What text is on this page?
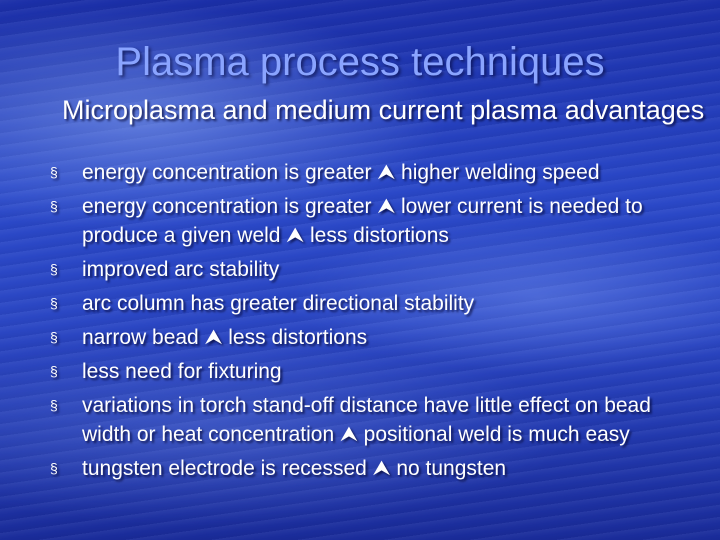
Plasma process techniques

Microplasma and medium current plasma advantages

§ energy concentration is greater ⮝ higher welding speed
§ energy concentration is greater ⮝ lower current is needed to produce a given weld ⮝ less distortions
§ improved arc stability
§ arc column has greater directional stability
§ narrow bead ⮝ less distortions
§ less need for fixturing
§ variations in torch stand-off distance have little effect on bead width or heat concentration ⮝ positional weld is much easy
§ tungsten electrode is recessed ⮝ no tungsten
